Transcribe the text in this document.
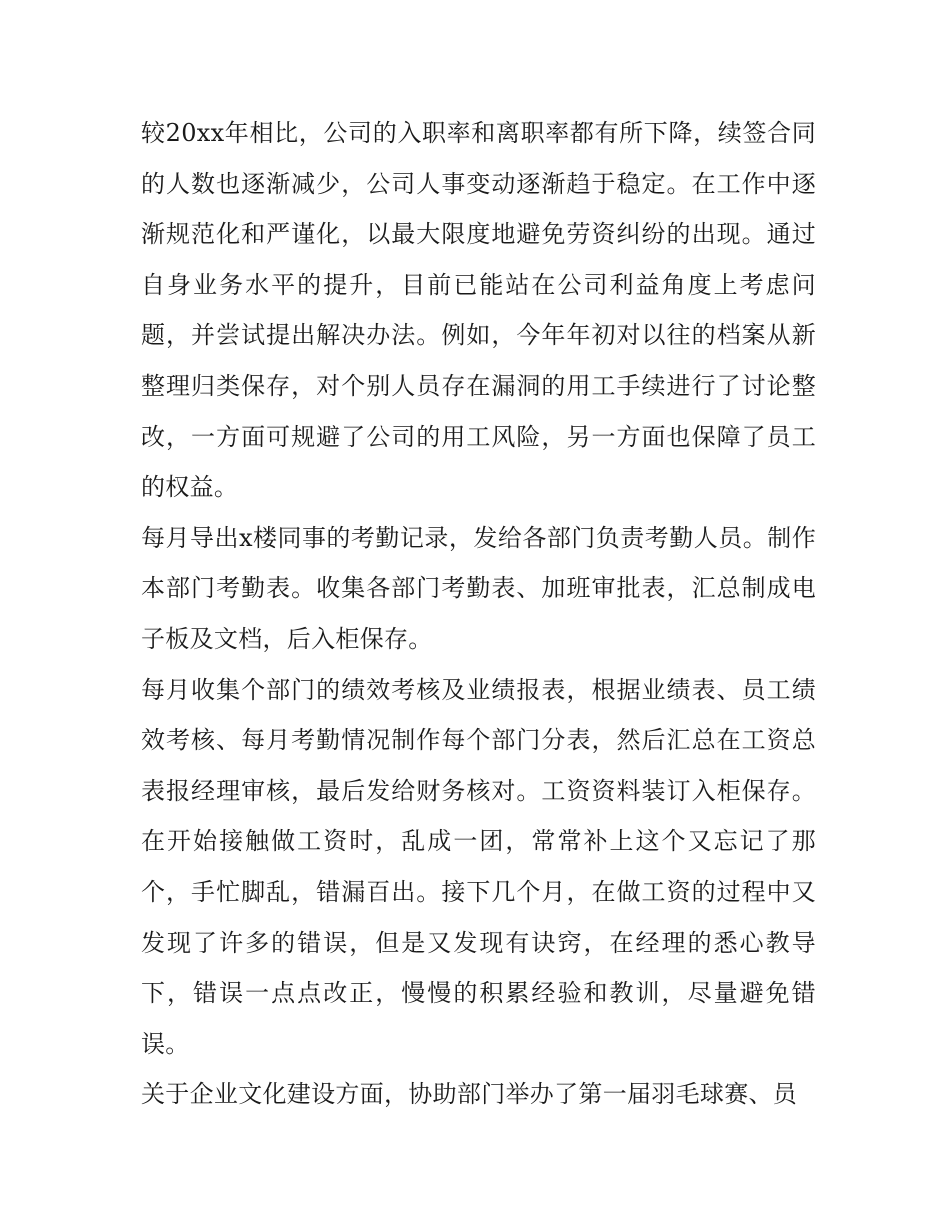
较20xx年相比，公司的入职率和离职率都有所下降，续签合同的人数也逐渐减少，公司人事变动逐渐趋于稳定。在工作中逐渐规范化和严谨化，以最大限度地避免劳资纠纷的出现。通过自身业务水平的提升，目前已能站在公司利益角度上考虑问题，并尝试提出解决办法。例如，今年年初对以往的档案从新整理归类保存，对个别人员存在漏洞的用工手续进行了讨论整改，一方面可规避了公司的用工风险，另一方面也保障了员工的权益。

每月导出x楼同事的考勤记录，发给各部门负责考勤人员。制作本部门考勤表。收集各部门考勤表、加班审批表，汇总制成电子板及文档，后入柜保存。

每月收集个部门的绩效考核及业绩报表，根据业绩表、员工绩效考核、每月考勤情况制作每个部门分表，然后汇总在工资总表报经理审核，最后发给财务核对。工资资料装订入柜保存。在开始接触做工资时，乱成一团，常常补上这个又忘记了那个，手忙脚乱，错漏百出。接下几个月，在做工资的过程中又发现了许多的错误，但是又发现有诀窍，在经理的悉心教导下，错误一点点改正，慢慢的积累经验和教训，尽量避免错误。

关于企业文化建设方面，协助部门举办了第一届羽毛球赛、员
